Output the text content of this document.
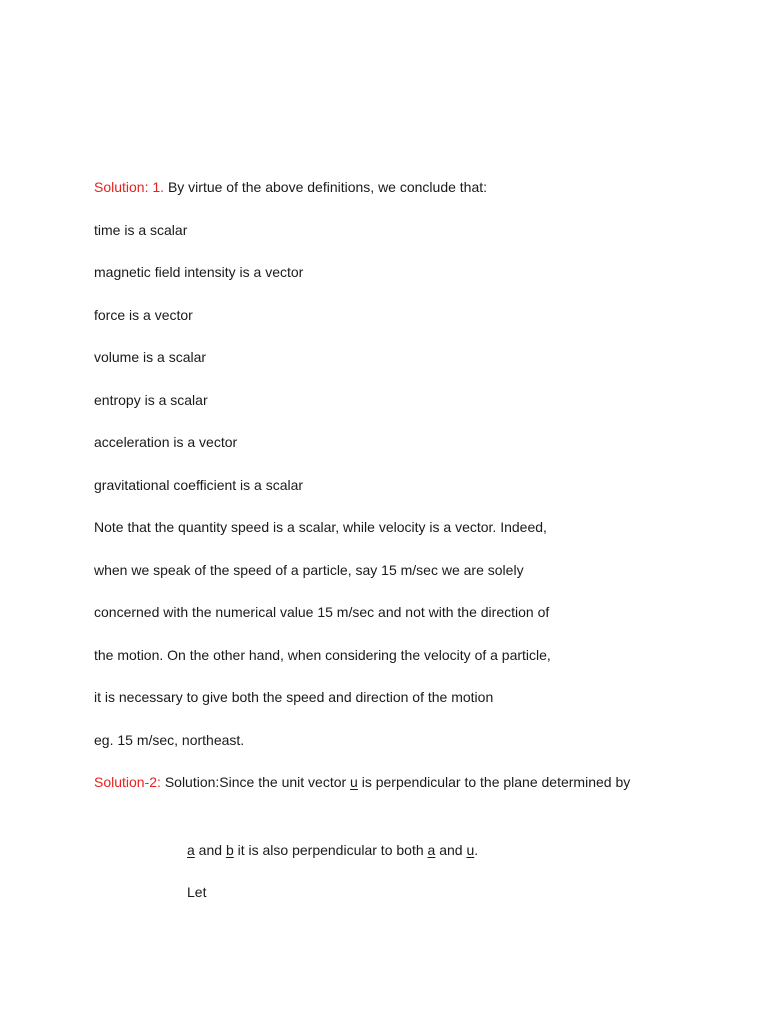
Solution: 1. By virtue of the above definitions, we conclude that:

time is a scalar

magnetic field intensity is a vector

force is a vector

volume is a scalar

entropy is a scalar

acceleration is a vector

gravitational coefficient is a scalar

Note that the quantity speed is a scalar, while velocity is a vector. Indeed,

when we speak of the speed of a particle, say 15 m/sec we are solely

concerned with the numerical value 15 m/sec and not with the direction of

the motion. On the other hand, when considering the velocity of a particle,

it is necessary to give both the speed and direction of the motion

eg. 15 m/sec, northeast.

Solution-2: Solution:Since the unit vector u is perpendicular to the plane determined by

a and b it is also perpendicular to both a and u.

Let
